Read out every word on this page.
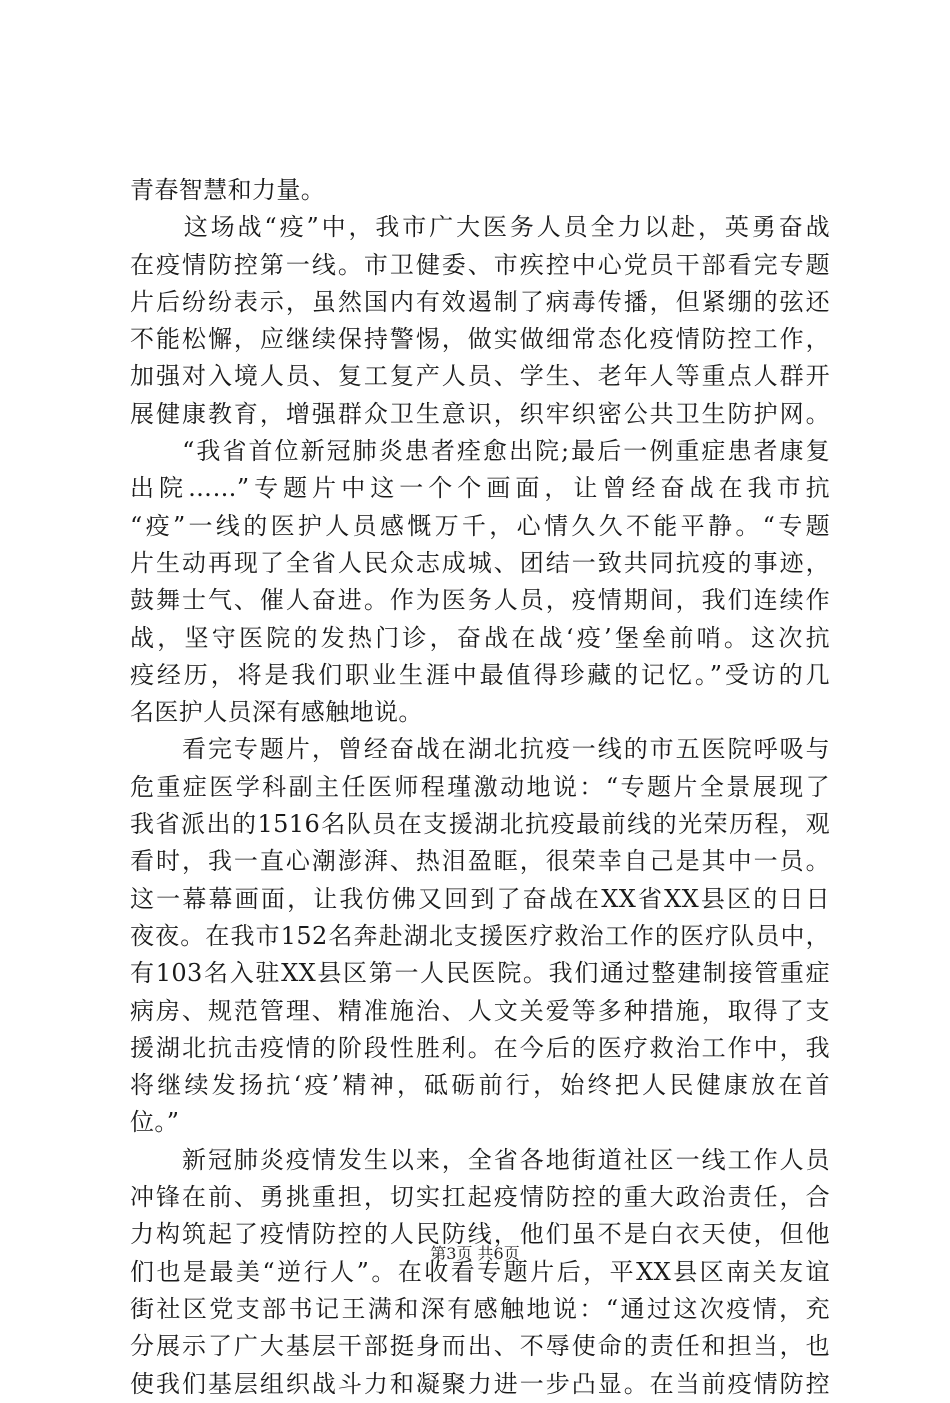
青春智慧和力量。
　　这场战“疫”中，我市广大医务人员全力以赴，英勇奋战
在疫情防控第一线。市卫健委、市疾控中心党员干部看完专题
片后纷纷表示，虽然国内有效遏制了病毒传播，但紧绷的弦还
不能松懈，应继续保持警惕，做实做细常态化疫情防控工作，
加强对入境人员、复工复产人员、学生、老年人等重点人群开
展健康教育，增强群众卫生意识，织牢织密公共卫生防护网。
　　“我省首位新冠肺炎患者痊愈出院;最后一例重症患者康复
出院……”专题片中这一个个画面，让曾经奋战在我市抗
“疫”一线的医护人员感慨万千，心情久久不能平静。“专题
片生动再现了全省人民众志成城、团结一致共同抗疫的事迹，
鼓舞士气、催人奋进。作为医务人员，疫情期间，我们连续作
战，坚守医院的发热门诊，奋战在战‘疫’堡垒前哨。这次抗
疫经历，将是我们职业生涯中最值得珍藏的记忆。”受访的几
名医护人员深有感触地说。
　　看完专题片，曾经奋战在湖北抗疫一线的市五医院呼吸与
危重症医学科副主任医师程瑾激动地说：“专题片全景展现了
我省派出的1516名队员在支援湖北抗疫最前线的光荣历程，观
看时，我一直心潮澎湃、热泪盈眶，很荣幸自己是其中一员。
这一幕幕画面，让我仿佛又回到了奋战在XX省XX县区的日日
夜夜。在我市152名奔赴湖北支援医疗救治工作的医疗队员中，
有103名入驻XX县区第一人民医院。我们通过整建制接管重症
病房、规范管理、精准施治、人文关爱等多种措施，取得了支
援湖北抗击疫情的阶段性胜利。在今后的医疗救治工作中，我
将继续发扬抗‘疫’精神，砥砺前行，始终把人民健康放在首
位。”
　　新冠肺炎疫情发生以来，全省各地街道社区一线工作人员
冲锋在前、勇挑重担，切实扛起疫情防控的重大政治责任，合
力构筑起了疫情防控的人民防线，他们虽不是白衣天使，但他
们也是最美“逆行人”。在收看专题片后，平XX县区南关友谊
街社区党支部书记王满和深有感触地说：“通过这次疫情，充
分展示了广大基层干部挺身而出、不辱使命的责任和担当，也
使我们基层组织战斗力和凝聚力进一步凸显。在当前疫情防控
第3页 共6页
